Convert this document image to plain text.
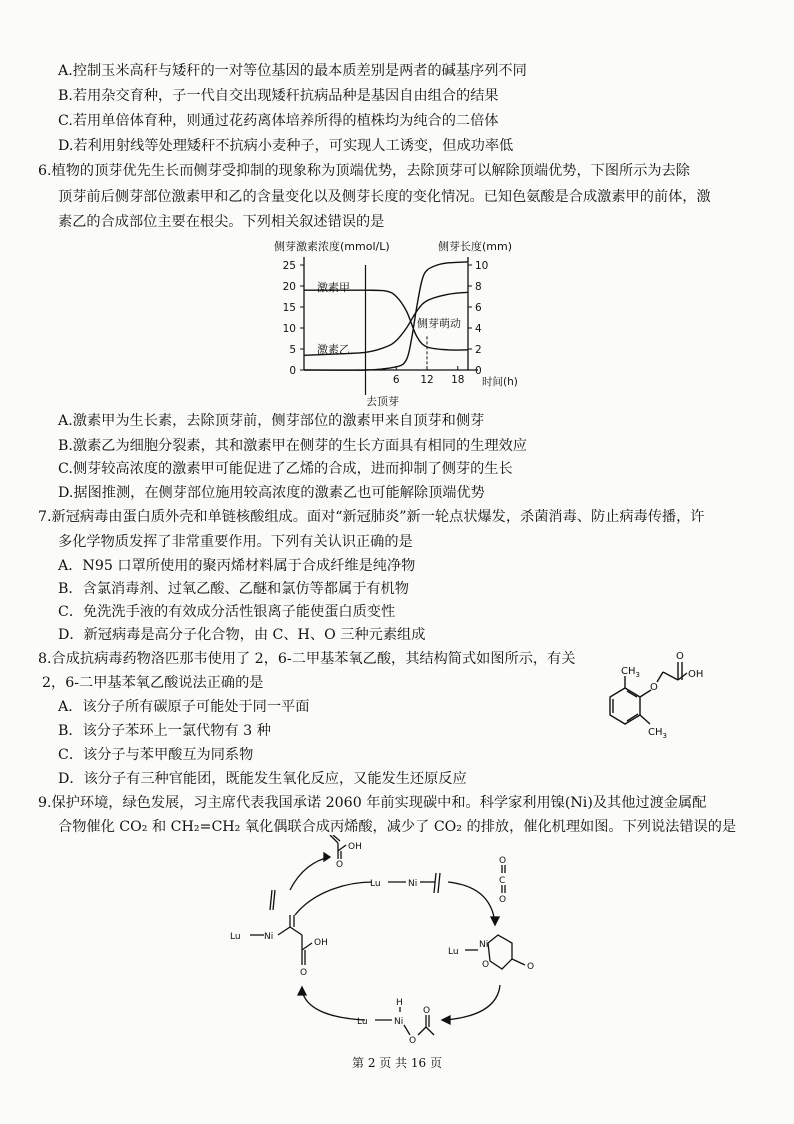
A.控制玉米高秆与矮秆的一对等位基因的最本质差别是两者的碱基序列不同
B.若用杂交育种，子一代自交出现矮秆抗病品种是基因自由组合的结果
C.若用单倍体育种，则通过花药离体培养所得的植株均为纯合的二倍体
D.若利用射线等处理矮秆不抗病小麦种子，可实现人工诱变，但成功率低
6.植物的顶芽优先生长而侧芽受抑制的现象称为顶端优势，去除顶芽可以解除顶端优势，下图所示为去除
顶芽前后侧芽部位激素甲和乙的含量变化以及侧芽长度的变化情况。已知色氨酸是合成激素甲的前体，激
素乙的合成部位主要在根尖。下列相关叙述错误的是
侧芽激素浓度(mmol/L)	侧芽长度(mm)
0
5
10
15
20
25
0
2
4
6
8
10
6 12 18
激素甲
激素乙
侧芽萌动
时间(h)
去顶芽
A.激素甲为生长素，去除顶芽前，侧芽部位的激素甲来自顶芽和侧芽
B.激素乙为细胞分裂素，其和激素甲在侧芽的生长方面具有相同的生理效应
C.侧芽较高浓度的激素甲可能促进了乙烯的合成，进而抑制了侧芽的生长
D.据图推测，在侧芽部位施用较高浓度的激素乙也可能解除顶端优势
7.新冠病毒由蛋白质外壳和单链核酸组成。面对“新冠肺炎”新一轮点状爆发，杀菌消毒、防止病毒传播，许
多化学物质发挥了非常重要作用。下列有关认识正确的是
A．N95 口罩所使用的聚丙烯材料属于合成纤维是纯净物
B．含氯消毒剂、过氧乙酸、乙醚和氯仿等都属于有机物
C．免洗洗手液的有效成分活性银离子能使蛋白质变性
D．新冠病毒是高分子化合物，由 C、H、O 三种元素组成
8.合成抗病毒药物洛匹那韦使用了 2，6-二甲基苯氧乙酸，其结构简式如图所示，有关
2，6-二甲基苯氧乙酸说法正确的是
A．该分子所有碳原子可能处于同一平面
B．该分子苯环上一氯代物有 3 种
C．该分子与苯甲酸互为同系物
D．该分子有三种官能团，既能发生氧化反应，又能发生还原反应
$CH_3$
O
O
OH
$CH_3$
9.保护环境，绿色发展，习主席代表我国承诺 2060 年前实现碳中和。科学家利用镍(Ni)及其他过渡金属配
合物催化 CO₂ 和 CH₂=CH₂ 氧化偶联合成丙烯酸，减少了 CO₂ 的排放，催化机理如图。下列说法错误的是
OH
O
Lu	Ni
O
C
O
Lu
Ni
O	O
Lu	Ni
OH
O
Lu	Ni
H
O
O
第 2 页 共 16 页
